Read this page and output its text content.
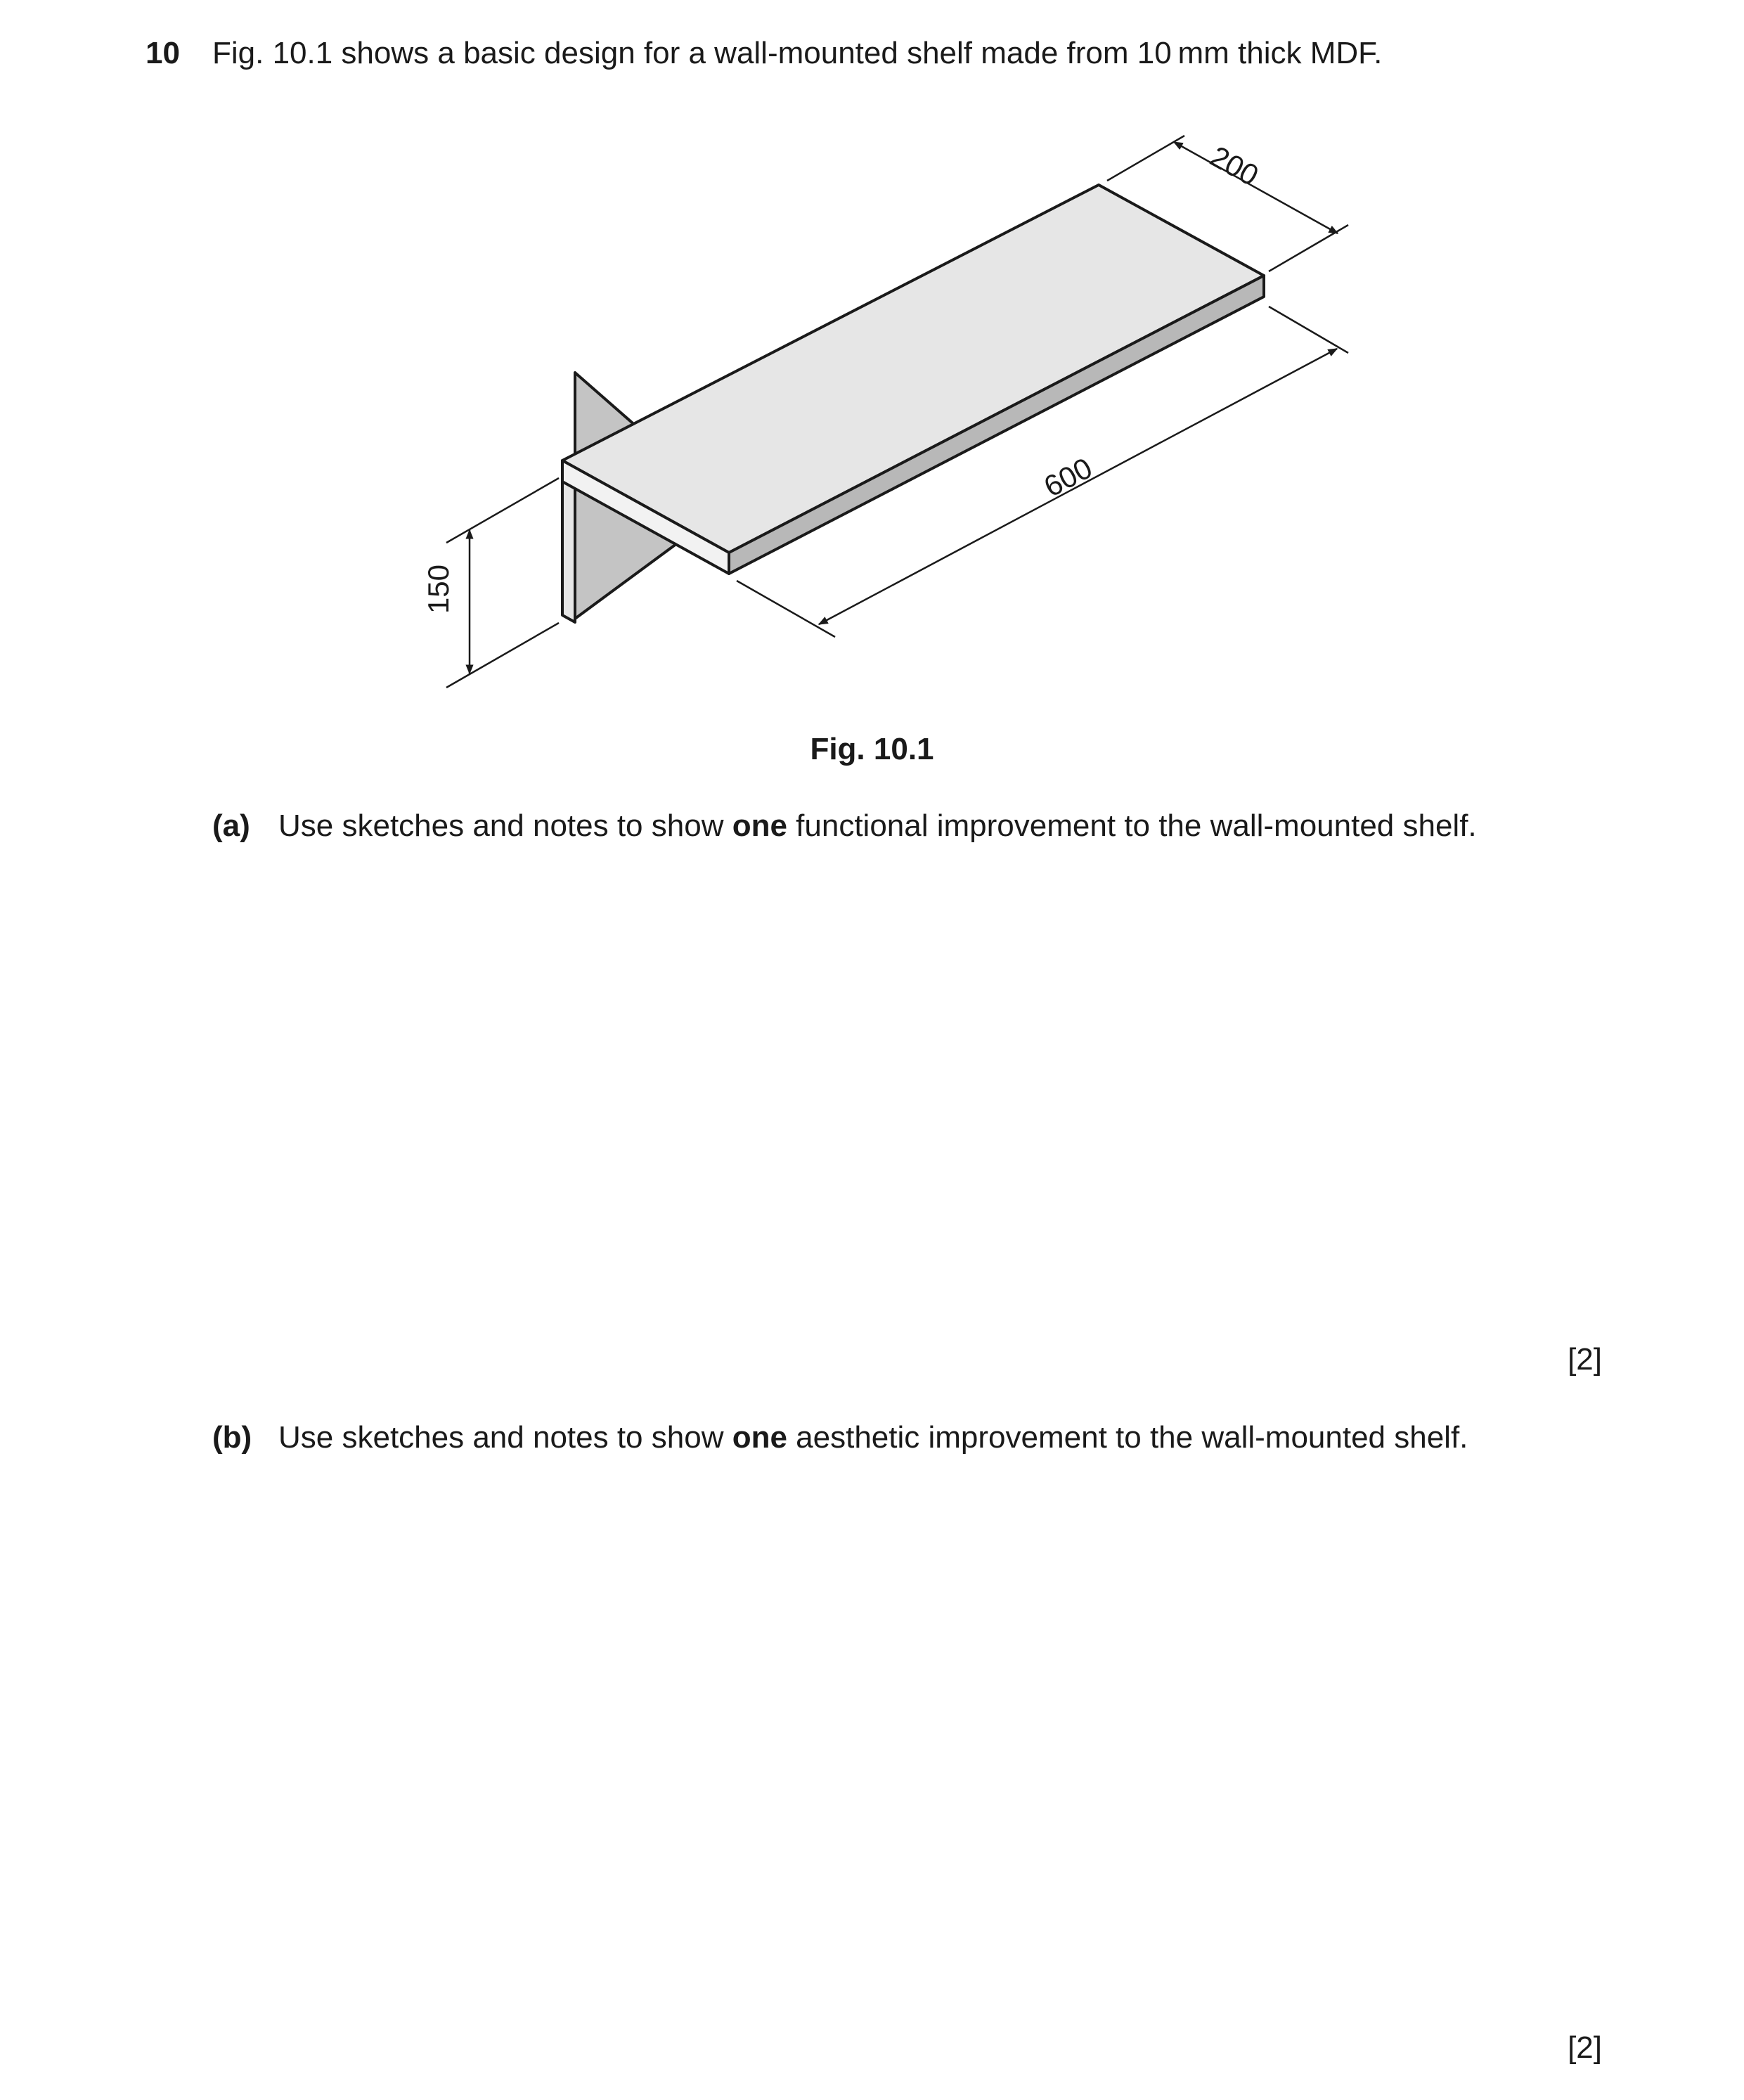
10 Fig. 10.1 shows a basic design for a wall-mounted shelf made from 10 mm thick MDF.
200
600
150
Fig. 10.1
(a) Use sketches and notes to show one functional improvement to the wall-mounted shelf.
[2]
(b) Use sketches and notes to show one aesthetic improvement to the wall-mounted shelf.
[2]
